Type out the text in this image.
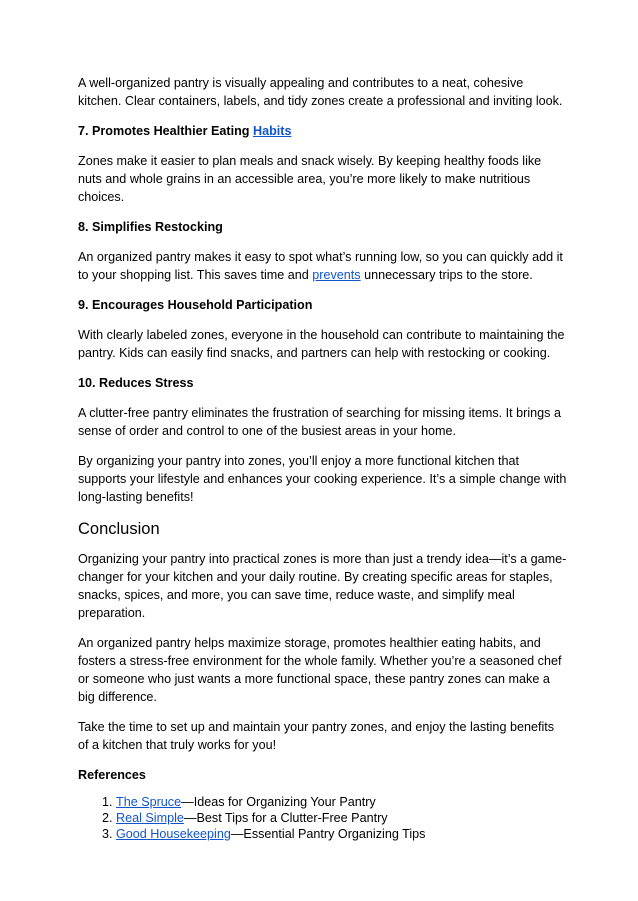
A well-organized pantry is visually appealing and contributes to a neat, cohesive kitchen. Clear containers, labels, and tidy zones create a professional and inviting look.

7. Promotes Healthier Eating Habits

Zones make it easier to plan meals and snack wisely. By keeping healthy foods like nuts and whole grains in an accessible area, you’re more likely to make nutritious choices.

8. Simplifies Restocking

An organized pantry makes it easy to spot what’s running low, so you can quickly add it to your shopping list. This saves time and prevents unnecessary trips to the store.

9. Encourages Household Participation

With clearly labeled zones, everyone in the household can contribute to maintaining the pantry. Kids can easily find snacks, and partners can help with restocking or cooking.

10. Reduces Stress

A clutter-free pantry eliminates the frustration of searching for missing items. It brings a sense of order and control to one of the busiest areas in your home.

By organizing your pantry into zones, you’ll enjoy a more functional kitchen that supports your lifestyle and enhances your cooking experience. It’s a simple change with long-lasting benefits!

Conclusion

Organizing your pantry into practical zones is more than just a trendy idea—it’s a game-changer for your kitchen and your daily routine. By creating specific areas for staples, snacks, spices, and more, you can save time, reduce waste, and simplify meal preparation.

An organized pantry helps maximize storage, promotes healthier eating habits, and fosters a stress-free environment for the whole family. Whether you’re a seasoned chef or someone who just wants a more functional space, these pantry zones can make a big difference.

Take the time to set up and maintain your pantry zones, and enjoy the lasting benefits of a kitchen that truly works for you!

References

1. The Spruce—Ideas for Organizing Your Pantry
2. Real Simple—Best Tips for a Clutter-Free Pantry
3. Good Housekeeping—Essential Pantry Organizing Tips
